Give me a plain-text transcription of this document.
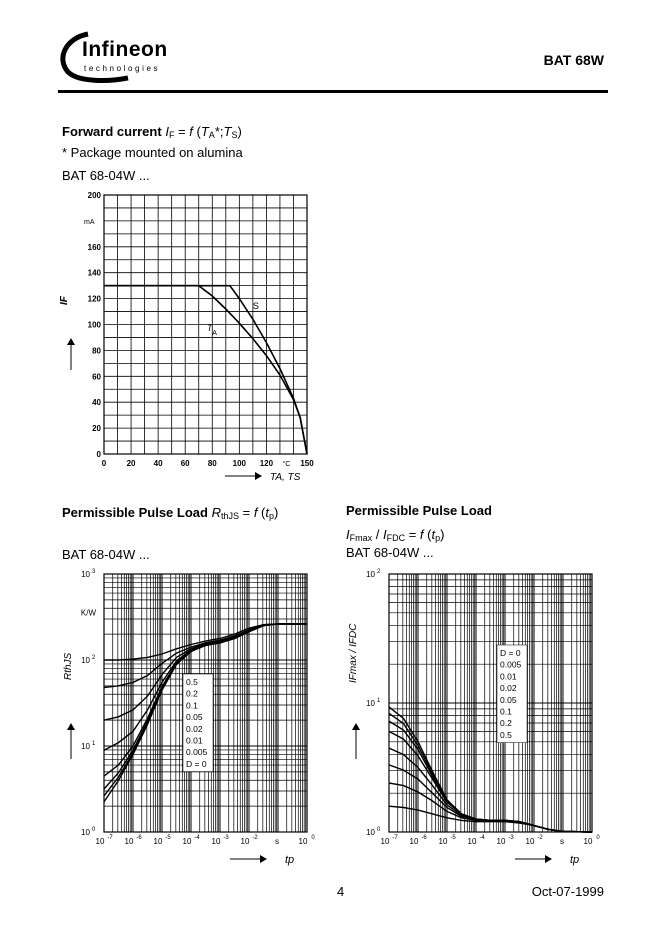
Infineon
technologies
BAT 68W
Forward current $I_F = f$ $(T_A*;T_S)$
* Package mounted on alumina
BAT 68-04W ...
0
20
40
60
80
100
120
140
160
200
0	20 40 60 80 100 120	150
mA
°C
IF
TA, TS
S
T
A
Permissible Pulse Load $R_{thJS} = f$ $(t_p)$
BAT 68-04W ...
10 0
10 1
10 2
10 3
10 -7 10 -6 10 -5 10 -4 10 -3 10 -2	10 0
s
K/W
tp
RthJS
0.5
0.2
0.1
0.05
0.02
0.01
0.005
D = 0
Permissible Pulse Load
$I_{Fmax} / I_{FDC} = f$ $(t_p)$
BAT 68-04W ...
10 0
10 1
10 2
10 -7 10 -6 10 -5 10 -4 10 -3 10 -2	10 0
s
tp
IFmax / IFDC	D = 0
0.005
0.01
0.02
0.05
0.1
0.2
0.5
4	Oct-07-1999
